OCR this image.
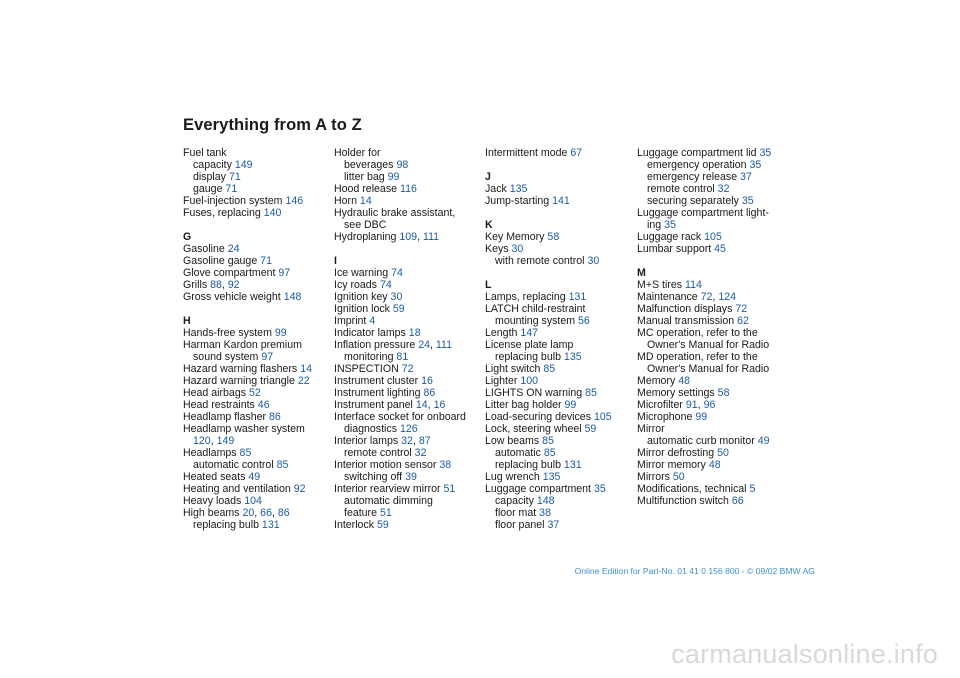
Everything from A to Z
Fuel tank
capacity 149
display 71
gauge 71
Fuel-injection system 146
Fuses, replacing 140
G
Gasoline 24
Gasoline gauge 71
Glove compartment 97
Grills 88, 92
Gross vehicle weight 148
H
Hands-free system 99
Harman Kardon premium
sound system 97
Hazard warning flashers 14
Hazard warning triangle 22
Head airbags 52
Head restraints 46
Headlamp flasher 86
Headlamp washer system
120, 149
Headlamps 85
automatic control 85
Heated seats 49
Heating and ventilation 92
Heavy loads 104
High beams 20, 66, 86
replacing bulb 131
Holder for
beverages 98
litter bag 99
Hood release 116
Horn 14
Hydraulic brake assistant,
see DBC
Hydroplaning 109, 111
I
Ice warning 74
Icy roads 74
Ignition key 30
Ignition lock 59
Imprint 4
Indicator lamps 18
Inflation pressure 24, 111
monitoring 81
INSPECTION 72
Instrument cluster 16
Instrument lighting 86
Instrument panel 14, 16
Interface socket for onboard
diagnostics 126
Interior lamps 32, 87
remote control 32
Interior motion sensor 38
switching off 39
Interior rearview mirror 51
automatic dimming
feature 51
Interlock 59
Intermittent mode 67
J
Jack 135
Jump-starting 141
K
Key Memory 58
Keys 30
with remote control 30
L
Lamps, replacing 131
LATCH child-restraint
mounting system 56
Length 147
License plate lamp
replacing bulb 135
Light switch 85
Lighter 100
LIGHTS ON warning 85
Litter bag holder 99
Load-securing devices 105
Lock, steering wheel 59
Low beams 85
automatic 85
replacing bulb 131
Lug wrench 135
Luggage compartment 35
capacity 148
floor mat 38
floor panel 37
Luggage compartment lid 35
emergency operation 35
emergency release 37
remote control 32
securing separately 35
Luggage compartment light-
ing 35
Luggage rack 105
Lumbar support 45
M
M+S tires 114
Maintenance 72, 124
Malfunction displays 72
Manual transmission 62
MC operation, refer to the
Owner's Manual for Radio
MD operation, refer to the
Owner's Manual for Radio
Memory 48
Memory settings 58
Microfilter 91, 96
Microphone 99
Mirror
automatic curb monitor 49
Mirror defrosting 50
Mirror memory 48
Mirrors 50
Modifications, technical 5
Multifunction switch 66
Online Edition for Part-No. 01 41 0 156 800 - © 09/02 BMW AG
carmanualsonline.info
